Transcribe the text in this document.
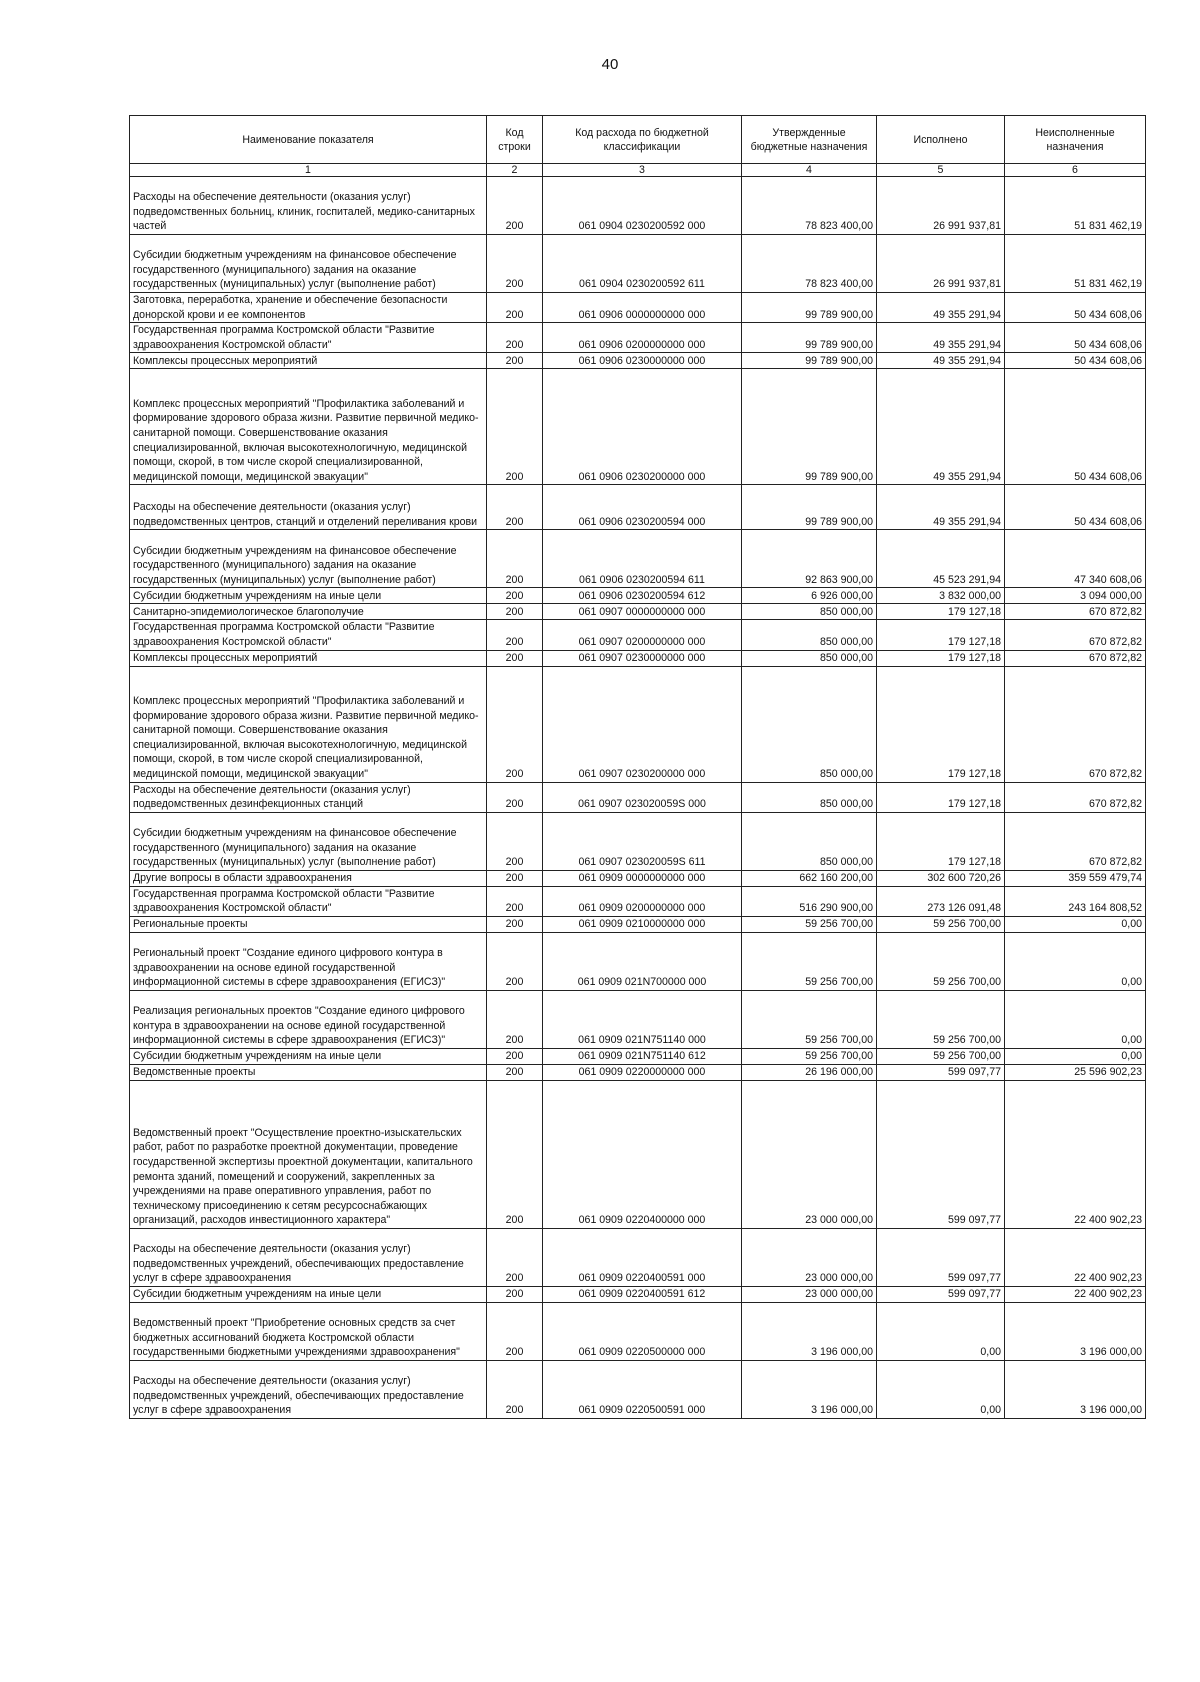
40
Наименование показателя	Код строки	Код расхода по бюджетной классификации	Утвержденные бюджетные назначения	Исполнено	Неисполненные назначения
1	2	3	4	5	6
Расходы на обеспечение деятельности (оказания услуг) подведомственных больниц, клиник, госпиталей, медико-санитарных частей	200	061 0904 0230200592 000	78 823 400,00	26 991 937,81	51 831 462,19
Субсидии бюджетным учреждениям на финансовое обеспечение государственного (муниципального) задания на оказание государственных (муниципальных) услуг (выполнение работ)	200	061 0904 0230200592 611	78 823 400,00	26 991 937,81	51 831 462,19
Заготовка, переработка, хранение и обеспечение безопасности донорской крови и ее компонентов	200	061 0906 0000000000 000	99 789 900,00	49 355 291,94	50 434 608,06
Государственная программа Костромской области "Развитие здравоохранения Костромской области"	200	061 0906 0200000000 000	99 789 900,00	49 355 291,94	50 434 608,06
Комплексы процессных мероприятий	200	061 0906 0230000000 000	99 789 900,00	49 355 291,94	50 434 608,06
Комплекс процессных мероприятий "Профилактика заболеваний и формирование здорового образа жизни. Развитие первичной медико-санитарной помощи. Совершенствование оказания специализированной, включая высокотехнологичную, медицинской помощи, скорой, в том числе скорой специализированной, медицинской помощи, медицинской эвакуации"	200	061 0906 0230200000 000	99 789 900,00	49 355 291,94	50 434 608,06
Расходы на обеспечение деятельности (оказания услуг) подведомственных центров, станций и отделений переливания крови	200	061 0906 0230200594 000	99 789 900,00	49 355 291,94	50 434 608,06
Субсидии бюджетным учреждениям на финансовое обеспечение государственного (муниципального) задания на оказание государственных (муниципальных) услуг (выполнение работ)	200	061 0906 0230200594 611	92 863 900,00	45 523 291,94	47 340 608,06
Субсидии бюджетным учреждениям на иные цели	200	061 0906 0230200594 612	6 926 000,00	3 832 000,00	3 094 000,00
Санитарно-эпидемиологическое благополучие	200	061 0907 0000000000 000	850 000,00	179 127,18	670 872,82
Государственная программа Костромской области "Развитие здравоохранения Костромской области"	200	061 0907 0200000000 000	850 000,00	179 127,18	670 872,82
Комплексы процессных мероприятий	200	061 0907 0230000000 000	850 000,00	179 127,18	670 872,82
Комплекс процессных мероприятий "Профилактика заболеваний и формирование здорового образа жизни. Развитие первичной медико-санитарной помощи. Совершенствование оказания специализированной, включая высокотехнологичную, медицинской помощи, скорой, в том числе скорой специализированной, медицинской помощи, медицинской эвакуации"	200	061 0907 0230200000 000	850 000,00	179 127,18	670 872,82
Расходы на обеспечение деятельности (оказания услуг) подведомственных дезинфекционных станций	200	061 0907 023020059S 000	850 000,00	179 127,18	670 872,82
Субсидии бюджетным учреждениям на финансовое обеспечение государственного (муниципального) задания на оказание государственных (муниципальных) услуг (выполнение работ)	200	061 0907 023020059S 611	850 000,00	179 127,18	670 872,82
Другие вопросы в области здравоохранения	200	061 0909 0000000000 000	662 160 200,00	302 600 720,26	359 559 479,74
Государственная программа Костромской области "Развитие здравоохранения Костромской области"	200	061 0909 0200000000 000	516 290 900,00	273 126 091,48	243 164 808,52
Региональные проекты	200	061 0909 0210000000 000	59 256 700,00	59 256 700,00	0,00
Региональный проект "Создание единого цифрового контура в здравоохранении на основе единой государственной информационной системы в сфере здравоохранения (ЕГИСЗ)"	200	061 0909 021N700000 000	59 256 700,00	59 256 700,00	0,00
Реализация региональных проектов "Создание единого цифрового контура в здравоохранении на основе единой государственной информационной системы в сфере здравоохранения (ЕГИСЗ)"	200	061 0909 021N751140 000	59 256 700,00	59 256 700,00	0,00
Субсидии бюджетным учреждениям на иные цели	200	061 0909 021N751140 612	59 256 700,00	59 256 700,00	0,00
Ведомственные проекты	200	061 0909 0220000000 000	26 196 000,00	599 097,77	25 596 902,23
Ведомственный проект "Осуществление проектно-изыскательских работ, работ по разработке проектной документации, проведение государственной экспертизы проектной документации, капитального ремонта зданий, помещений и сооружений, закрепленных за учреждениями на праве оперативного управления, работ по техническому присоединению к сетям ресурсоснабжающих организаций, расходов инвестиционного характера"	200	061 0909 0220400000 000	23 000 000,00	599 097,77	22 400 902,23
Расходы на обеспечение деятельности (оказания услуг) подведомственных учреждений, обеспечивающих предоставление услуг в сфере здравоохранения	200	061 0909 0220400591 000	23 000 000,00	599 097,77	22 400 902,23
Субсидии бюджетным учреждениям на иные цели	200	061 0909 0220400591 612	23 000 000,00	599 097,77	22 400 902,23
Ведомственный проект "Приобретение основных средств за счет бюджетных ассигнований бюджета Костромской области государственными бюджетными учреждениями здравоохранения"	200	061 0909 0220500000 000	3 196 000,00	0,00	3 196 000,00
Расходы на обеспечение деятельности (оказания услуг) подведомственных учреждений, обеспечивающих предоставление услуг в сфере здравоохранения	200	061 0909 0220500591 000	3 196 000,00	0,00	3 196 000,00
